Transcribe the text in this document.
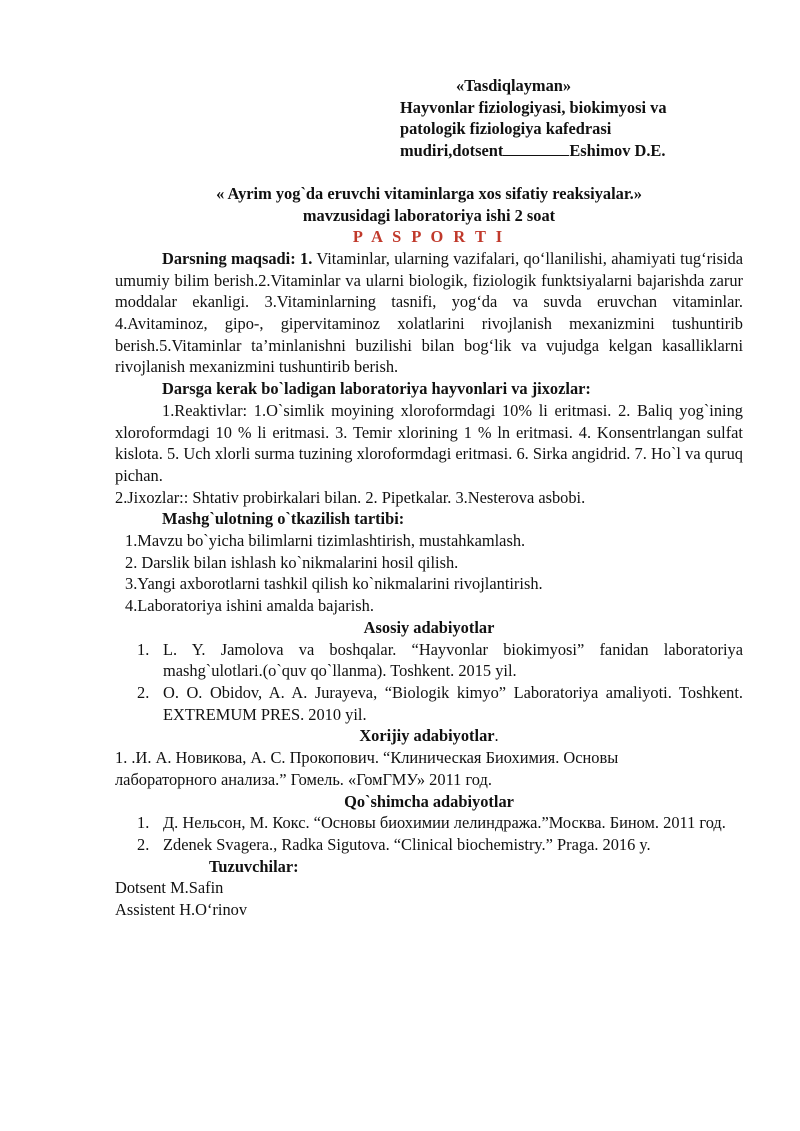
«Tasdiqlayman»
Hayvonlar fiziologiyasi, biokimyosi va
patologik fiziologiya kafedrasi
mudiri,dotsent	Eshimov D.E.
« Ayrim yog`da eruvchi vitaminlarga xos sifatiy reaksiyalar.»
mavzusidagi laboratoriya ishi 2 soat
P A S P O R T I
Darsning maqsadi: 1. Vitaminlar, ularning vazifalari, qo‘llanilishi, ahamiyati tug‘risida umumiy bilim berish.2.Vitaminlar va ularni biologik, fiziologik funktsiyalarni bajarishda zarur moddalar ekanligi. 3.Vitaminlarning tasnifi, yog‘da va suvda eruvchan vitaminlar. 4.Avitaminoz, gipo-, gipervitaminoz xolatlarini rivojlanish mexanizmini tushuntirib berish.5.Vitaminlar ta’minlanishni buzilishi bilan bog‘lik va vujudga kelgan kasalliklarni rivojlanish mexanizmini tushuntirib berish.
Darsga kerak bo`ladigan laboratoriya hayvonlari va jixozlar:
1.Reaktivlar: 1.O`simlik moyining xloroformdagi 10% li eritmasi. 2. Baliq yog`ining xloroformdagi 10 % li eritmasi. 3. Temir xlorining 1 % ln eritmasi. 4. Konsentrlangan sulfat kislota. 5. Uch xlorli surma tuzining xloroformdagi eritmasi. 6. Sirka angidrid. 7. Ho`l va quruq pichan.
2.Jixozlar:: Shtativ probirkalari bilan. 2. Pipetkalar. 3.Nesterova asbobi.
Mashg`ulotning o`tkazilish tartibi:
1.Mavzu bo`yicha bilimlarni tizimlashtirish, mustahkamlash.
2. Darslik bilan ishlash ko`nikmalarini hosil qilish.
3.Yangi axborotlarni tashkil qilish ko`nikmalarini rivojlantirish.
4.Laboratoriya ishini amalda bajarish.
Asosiy adabiyotlar
1. L. Y. Jamolova va boshqalar. “Hayvonlar biokimyosi” fanidan laboratoriya mashg`ulotlari.(o`quv qo`llanma). Toshkent. 2015 yil.
2. O. O. Obidov, A. A. Jurayeva, “Biologik kimyo” Laboratoriya amaliyoti. Toshkent. EXTREMUM PRES. 2010 yil.
Xorijiy adabiyotlar.
1. .И. А. Новикова, А. С. Прокопович. “Клиническая Биохимия. Основы
лабораторного анализа.” Гомель. «ГомГМУ» 2011 год.
Qo`shimcha adabiyotlar
1. Д. Нельсон, М. Кокс. “Основы биохимии лелиндража.”Москва. Бином. 2011 год.
2. Zdenek Svagera., Radka Sigutova. “Clinical biochemistry.” Praga. 2016 y.
Tuzuvchilar:
Dotsent M.Safin
Assistent H.O‘rinov
